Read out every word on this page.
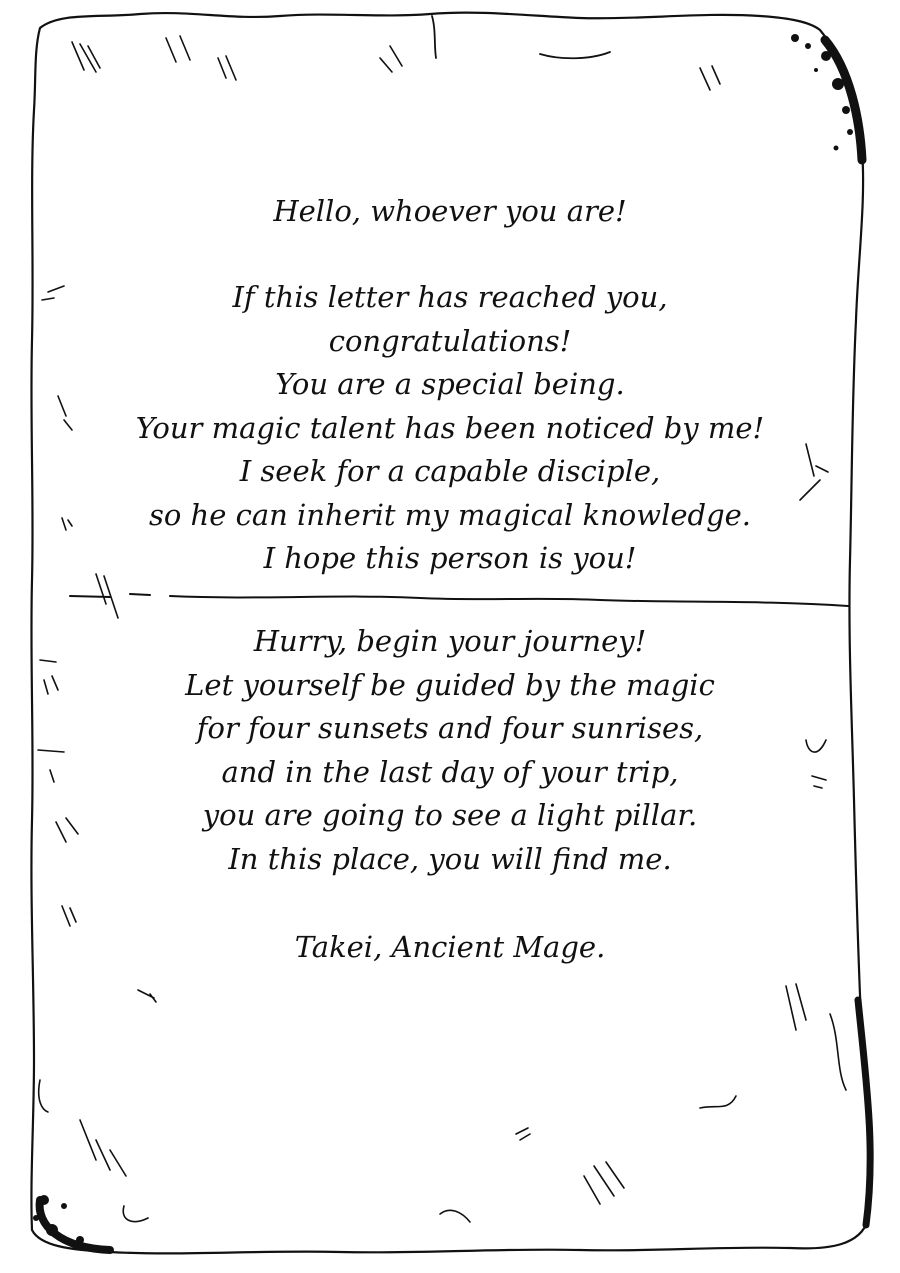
Hello, whoever you are!
If this letter has reached you,
congratulations!
You are a special being.
Your magic talent has been noticed by me!
I seek for a capable disciple,
so he can inherit my magical knowledge.
I hope this person is you!
Hurry, begin your journey!
Let yourself be guided by the magic
for four sunsets and four sunrises,
and in the last day of your trip,
you are going to see a light pillar.
In this place, you will find me.
Takei, Ancient Mage.
